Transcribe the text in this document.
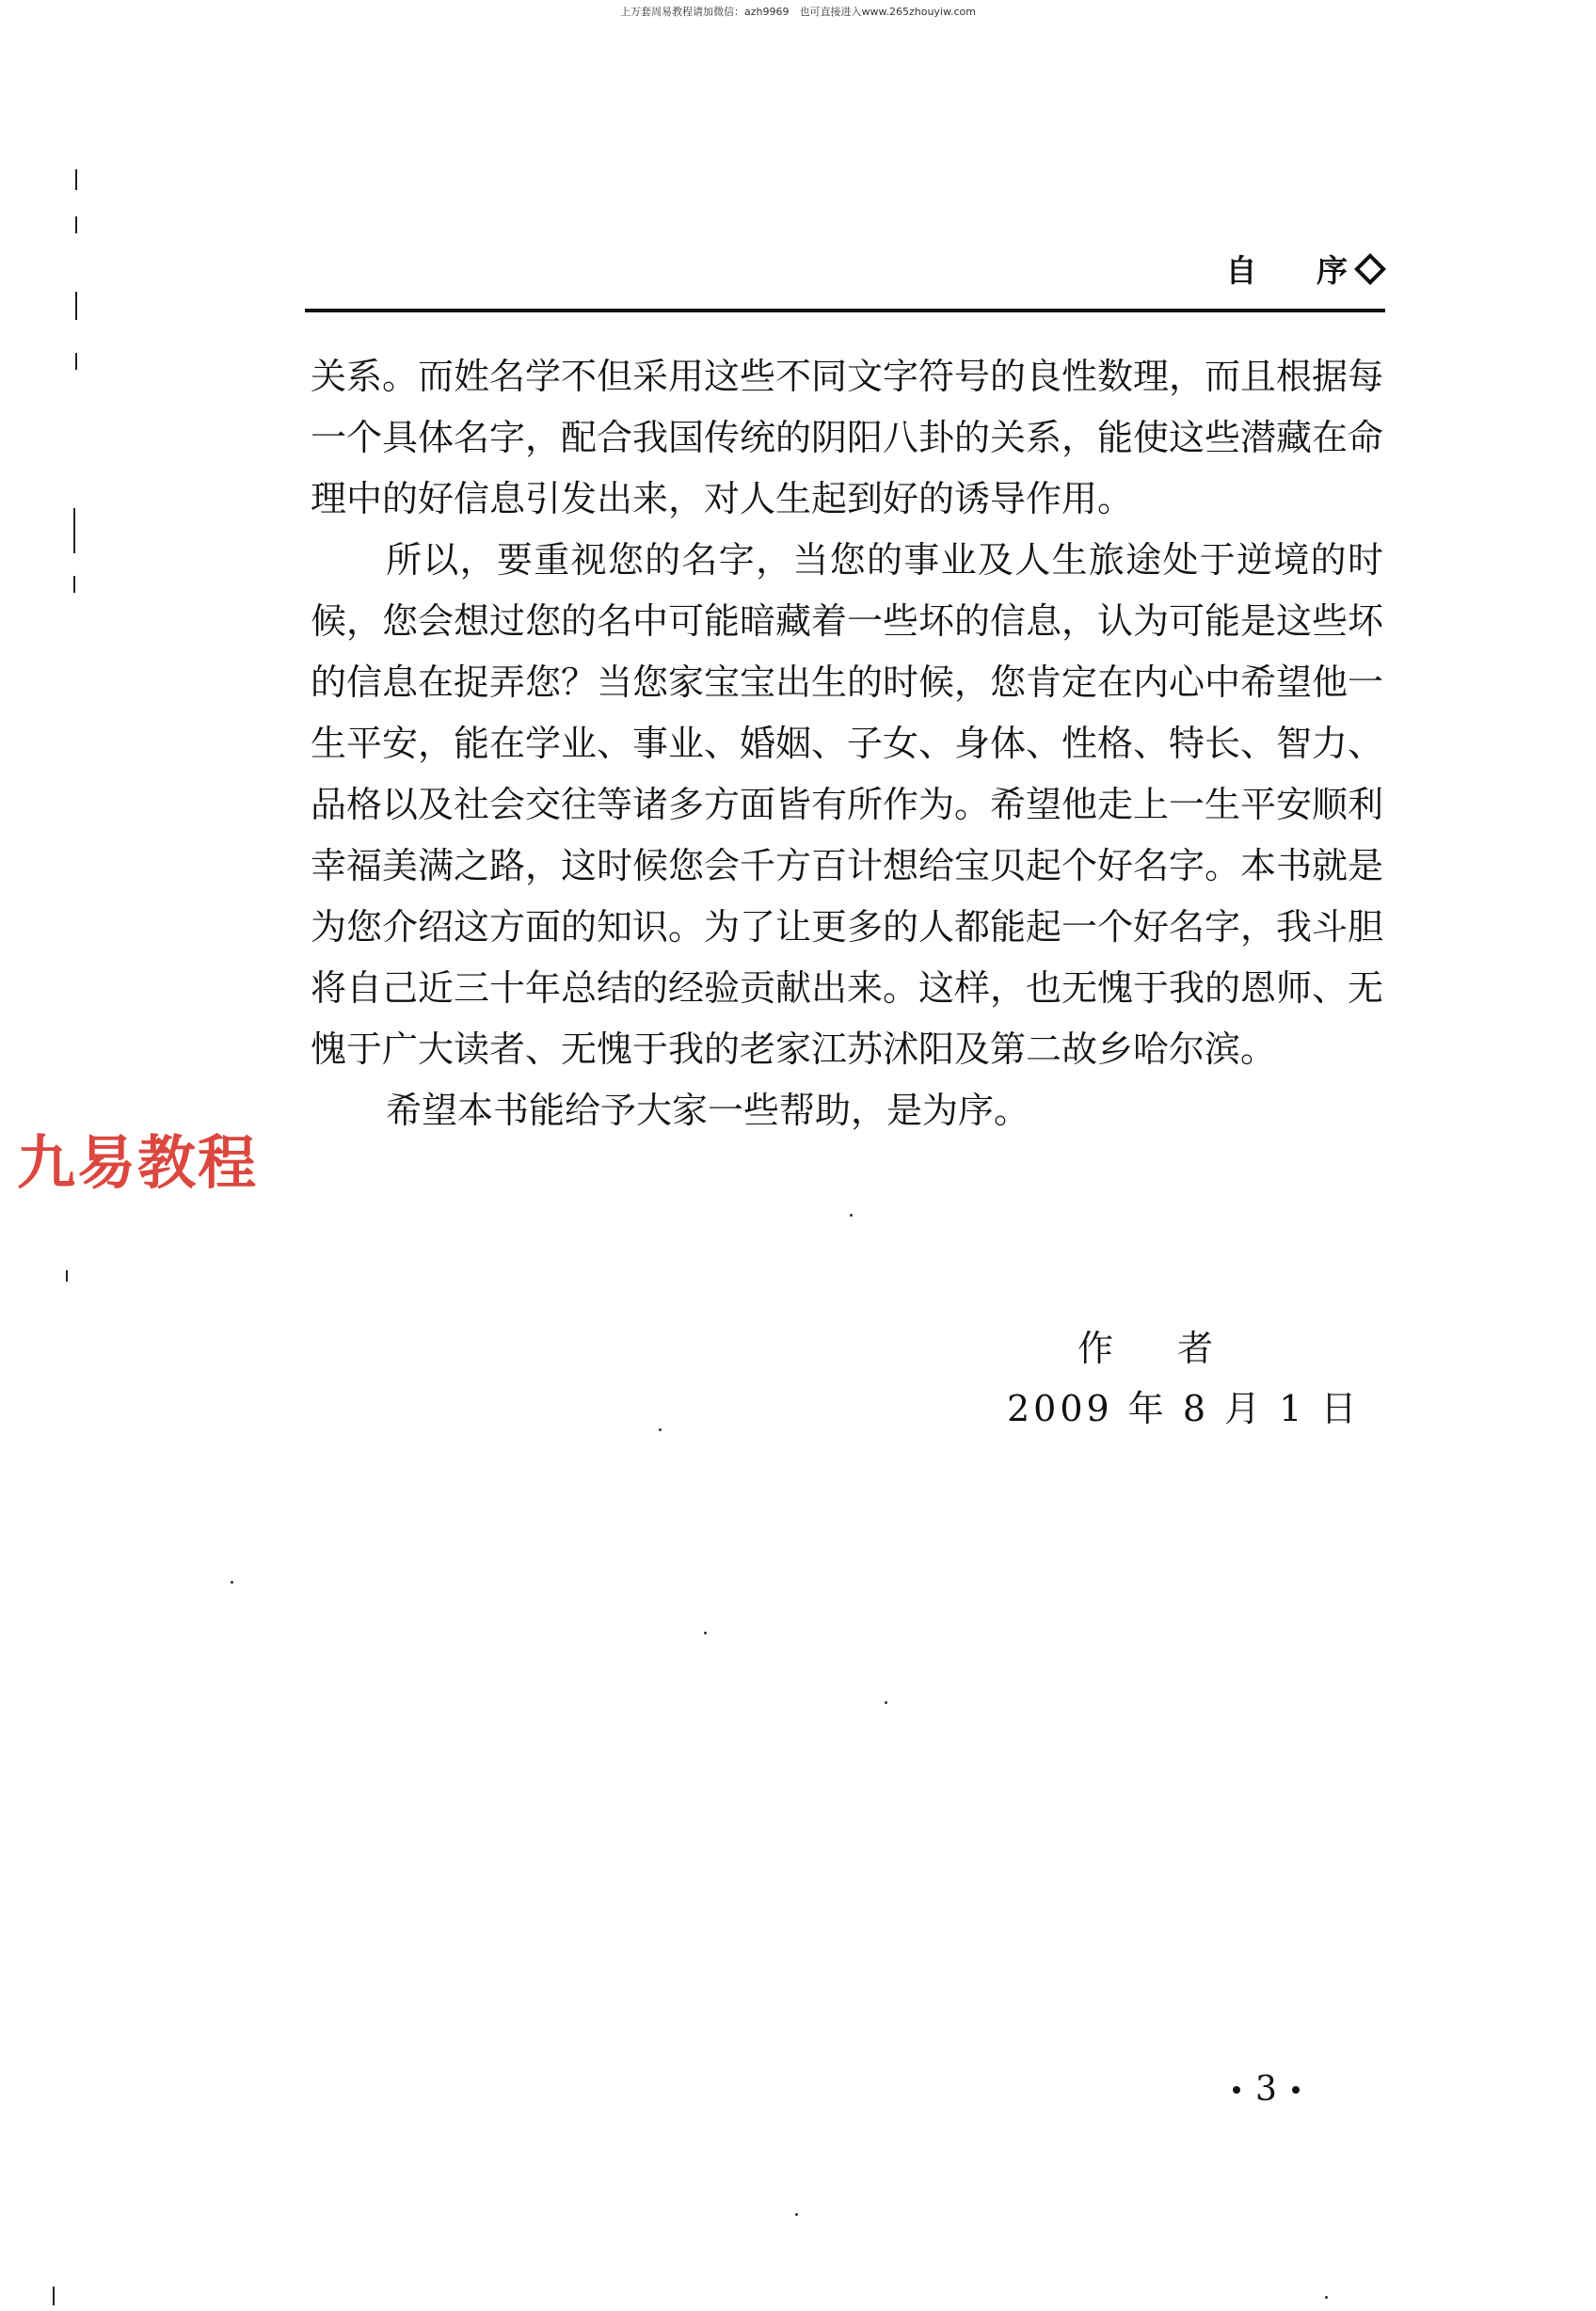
上万套周易教程请加微信：azh9969　也可直接进入www.265zhouyiw.com
自 序

关系。而姓名学不但采用这些不同文字符号的良性数理，而且根据每一个具体名字，配合我国传统的阴阳八卦的关系，能使这些潜藏在命理中的好信息引发出来，对人生起到好的诱导作用。

所以，要重视您的名字，当您的事业及人生旅途处于逆境的时候，您会想过您的名中可能暗藏着一些坏的信息，认为可能是这些坏的信息在捉弄您？当您家宝宝出生的时候，您肯定在内心中希望他一生平安，能在学业、事业、婚姻、子女、身体、性格、特长、智力、品格以及社会交往等诸多方面皆有所作为。希望他走上一生平安顺利幸福美满之路，这时候您会千方百计想给宝贝起个好名字。本书就是为您介绍这方面的知识。为了让更多的人都能起一个好名字，我斗胆将自己近三十年总结的经验贡献出来。这样，也无愧于我的恩师、无愧于广大读者、无愧于我的老家江苏沭阳及第二故乡哈尔滨。

希望本书能给予大家一些帮助，是为序。

作 者
2009 年 8 月 1 日
3
九易教程
